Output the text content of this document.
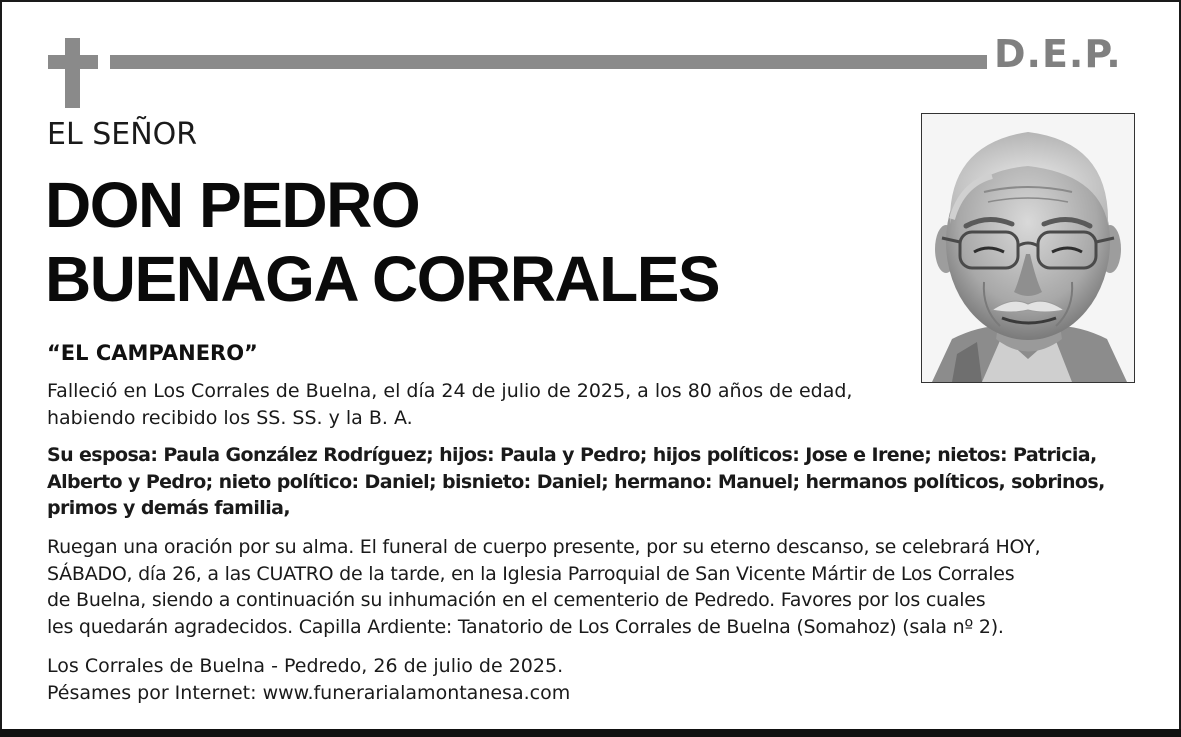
D.E.P.
EL SEÑOR
DON PEDRO
BUENAGA CORRALES
“EL CAMPANERO”
Falleció en Los Corrales de Buelna, el día 24 de julio de 2025, a los 80 años de edad,
habiendo recibido los SS. SS. y la B. A.
Su esposa: Paula González Rodríguez; hijos: Paula y Pedro; hijos políticos: Jose e Irene; nietos: Patricia,
Alberto y Pedro; nieto político: Daniel; bisnieto: Daniel; hermano: Manuel; hermanos políticos, sobrinos,
primos y demás familia,
Ruegan una oración por su alma. El funeral de cuerpo presente, por su eterno descanso, se celebrará HOY,
SÁBADO, día 26, a las CUATRO de la tarde, en la Iglesia Parroquial de San Vicente Mártir de Los Corrales
de Buelna, siendo a continuación su inhumación en el cementerio de Pedredo. Favores por los cuales
les quedarán agradecidos. Capilla Ardiente: Tanatorio de Los Corrales de Buelna (Somahoz) (sala nº 2).
Los Corrales de Buelna - Pedredo, 26 de julio de 2025.
Pésames por Internet: www.funerarialamontanesa.com
